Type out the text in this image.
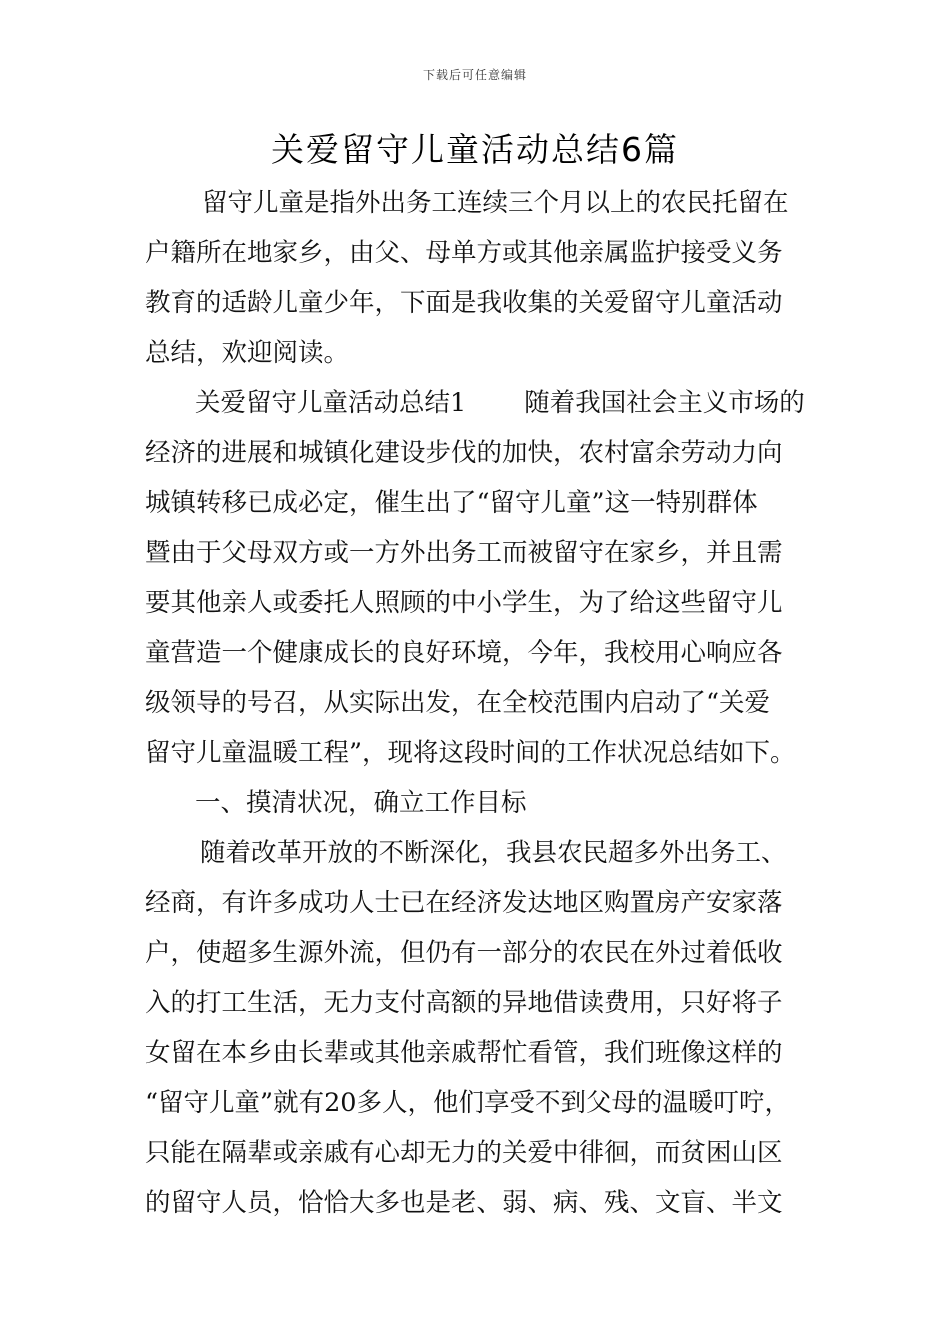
下载后可任意编辑
关爱留守儿童活动总结6篇
留守儿童是指外出务工连续三个月以上的农民托留在
户籍所在地家乡，由父、母单方或其他亲属监护接受义务
教育的适龄儿童少年，下面是我收集的关爱留守儿童活动
总结，欢迎阅读。
关爱留守儿童活动总结1 随着我国社会主义市场的
经济的进展和城镇化建设步伐的加快，农村富余劳动力向
城镇转移已成必定，催生出了“留守儿童”这一特别群体
暨由于父母双方或一方外出务工而被留守在家乡，并且需
要其他亲人或委托人照顾的中小学生，为了给这些留守儿
童营造一个健康成长的良好环境，今年，我校用心响应各
级领导的号召，从实际出发，在全校范围内启动了“关爱
留守儿童温暖工程”，现将这段时间的工作状况总结如下。
一、摸清状况，确立工作目标
随着改革开放的不断深化，我县农民超多外出务工、
经商，有许多成功人士已在经济发达地区购置房产安家落
户，使超多生源外流，但仍有一部分的农民在外过着低收
入的打工生活，无力支付高额的异地借读费用，只好将子
女留在本乡由长辈或其他亲戚帮忙看管，我们班像这样的
“留守儿童”就有20多人，他们享受不到父母的温暖叮咛，
只能在隔辈或亲戚有心却无力的关爱中徘徊，而贫困山区
的留守人员，恰恰大多也是老、弱、病、残、文盲、半文
